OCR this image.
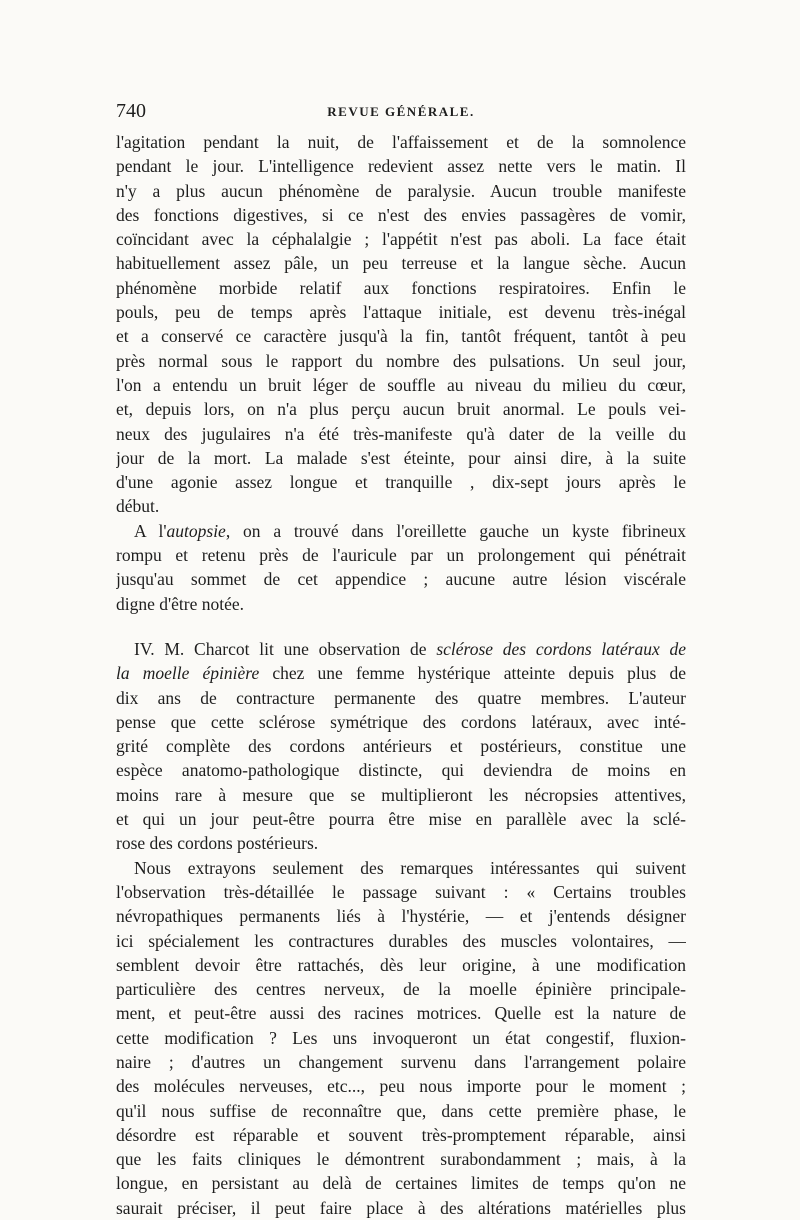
740	REVUE GÉNÉRALE.
l'agitation pendant la nuit, de l'affaissement et de la somnolence
pendant le jour. L'intelligence redevient assez nette vers le matin. Il
n'y a plus aucun phénomène de paralysie. Aucun trouble manifeste
des fonctions digestives, si ce n'est des envies passagères de vomir,
coïncidant avec la céphalalgie ; l'appétit n'est pas aboli. La face était
habituellement assez pâle, un peu terreuse et la langue sèche. Aucun
phénomène morbide relatif aux fonctions respiratoires. Enfin le
pouls, peu de temps après l'attaque initiale, est devenu très-inégal
et a conservé ce caractère jusqu'à la fin, tantôt fréquent, tantôt à peu
près normal sous le rapport du nombre des pulsations. Un seul jour,
l'on a entendu un bruit léger de souffle au niveau du milieu du cœur,
et, depuis lors, on n'a plus perçu aucun bruit anormal. Le pouls vei-
neux des jugulaires n'a été très-manifeste qu'à dater de la veille du
jour de la mort. La malade s'est éteinte, pour ainsi dire, à la suite
d'une agonie assez longue et tranquille , dix-sept jours après le
début.
A l'autopsie, on a trouvé dans l'oreillette gauche un kyste fibrineux
rompu et retenu près de l'auricule par un prolongement qui pénétrait
jusqu'au sommet de cet appendice ; aucune autre lésion viscérale
digne d'être notée.
IV. M. Charcot lit une observation de sclérose des cordons latéraux de
la moelle épinière chez une femme hystérique atteinte depuis plus de
dix ans de contracture permanente des quatre membres. L'auteur
pense que cette sclérose symétrique des cordons latéraux, avec inté-
grité complète des cordons antérieurs et postérieurs, constitue une
espèce anatomo-pathologique distincte, qui deviendra de moins en
moins rare à mesure que se multiplieront les nécropsies attentives,
et qui un jour peut-être pourra être mise en parallèle avec la sclé-
rose des cordons postérieurs.
Nous extrayons seulement des remarques intéressantes qui suivent
l'observation très-détaillée le passage suivant : « Certains troubles
névropathiques permanents liés à l'hystérie, — et j'entends désigner
ici spécialement les contractures durables des muscles volontaires, —
semblent devoir être rattachés, dès leur origine, à une modification
particulière des centres nerveux, de la moelle épinière principale-
ment, et peut-être aussi des racines motrices. Quelle est la nature de
cette modification ? Les uns invoqueront un état congestif, fluxion-
naire ; d'autres un changement survenu dans l'arrangement polaire
des molécules nerveuses, etc..., peu nous importe pour le moment ;
qu'il nous suffise de reconnaître que, dans cette première phase, le
désordre est réparable et souvent très-promptement réparable, ainsi
que les faits cliniques le démontrent surabondamment ; mais, à la
longue, en persistant au delà de certaines limites de temps qu'on ne
saurait préciser, il peut faire place à des altérations matérielles plus
